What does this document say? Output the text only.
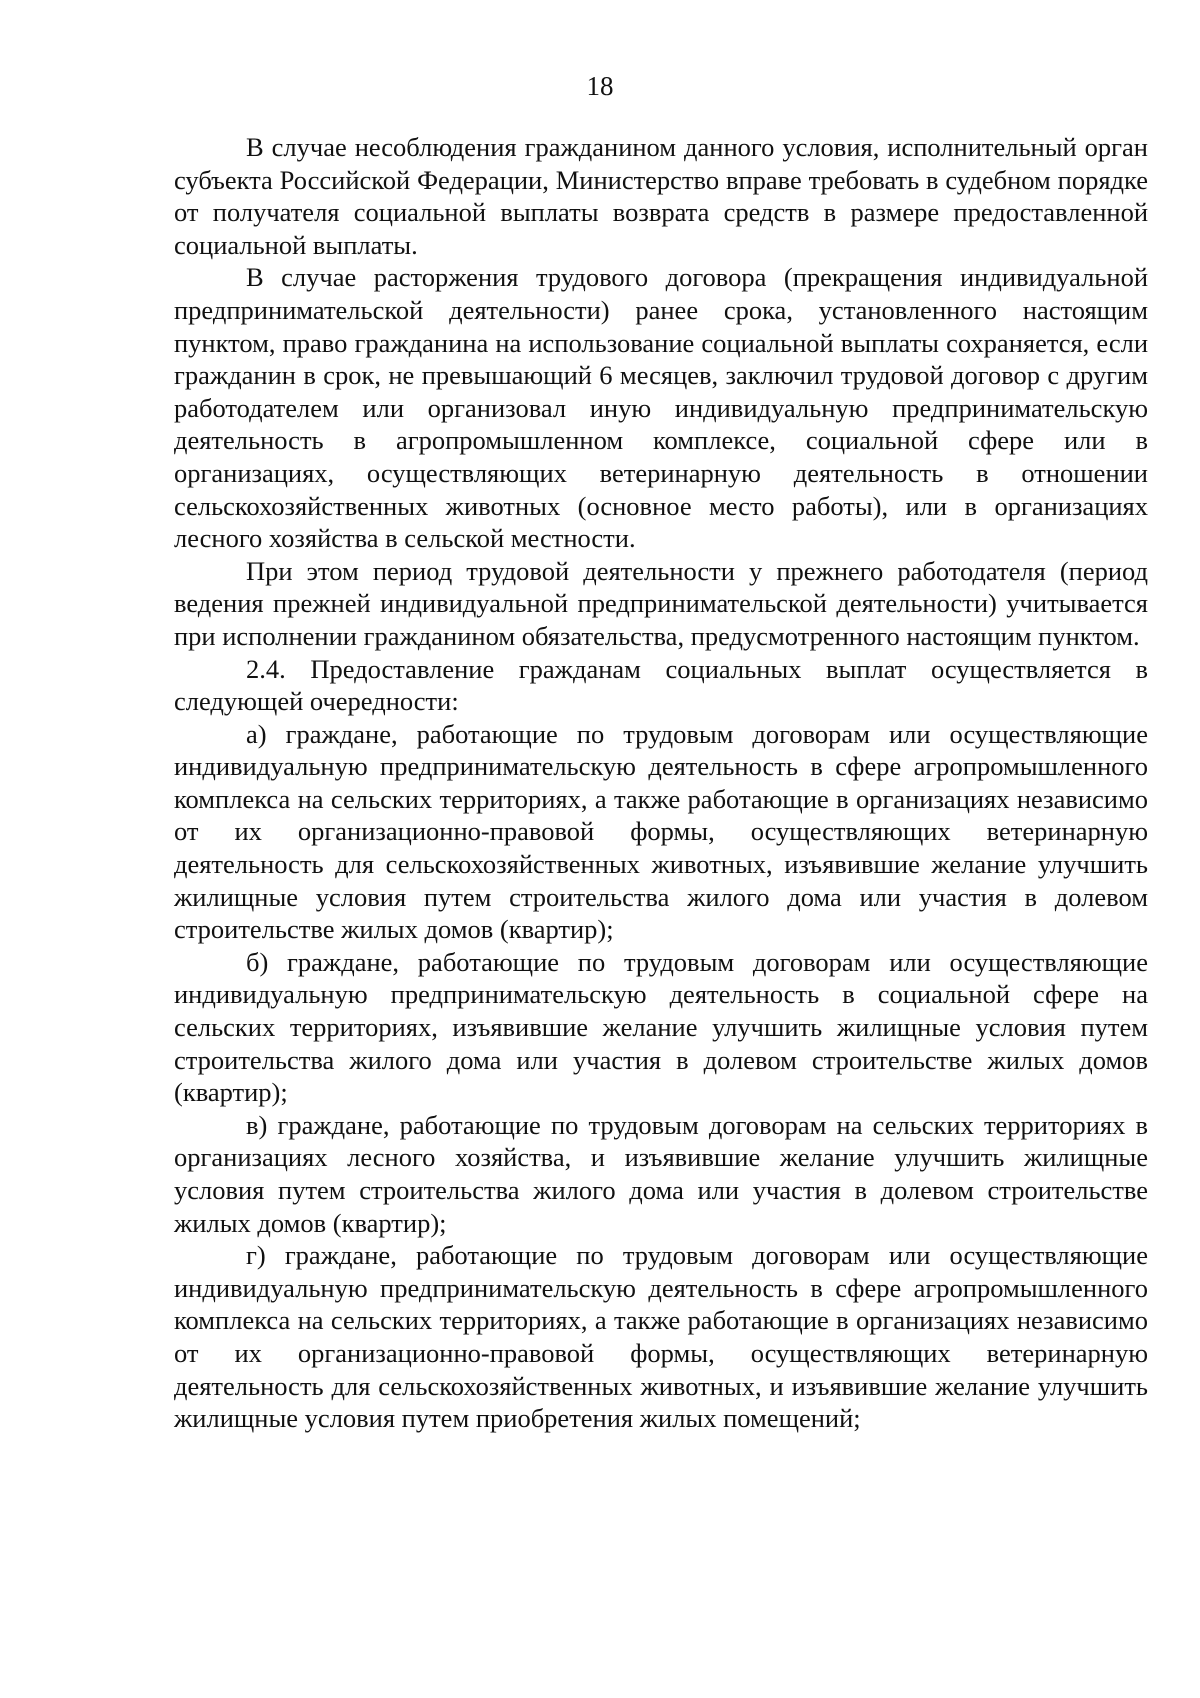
18

В случае несоблюдения гражданином данного условия, исполнительный орган субъекта Российской Федерации, Министерство вправе требовать в судебном порядке от получателя социальной выплаты возврата средств в размере предоставленной социальной выплаты.

В случае расторжения трудового договора (прекращения индивидуальной предпринимательской деятельности) ранее срока, установленного настоящим пунктом, право гражданина на использование социальной выплаты сохраняется, если гражданин в срок, не превышающий 6 месяцев, заключил трудовой договор с другим работодателем или организовал иную индивидуальную предпринимательскую деятельность в агропромышленном комплексе, социальной сфере или в организациях, осуществляющих ветеринарную деятельность в отношении сельскохозяйственных животных (основное место работы), или в организациях лесного хозяйства в сельской местности.

При этом период трудовой деятельности у прежнего работодателя (период ведения прежней индивидуальной предпринимательской деятельности) учитывается при исполнении гражданином обязательства, предусмотренного настоящим пунктом.

2.4. Предоставление гражданам социальных выплат осуществляется в следующей очередности:

а) граждане, работающие по трудовым договорам или осуществляющие индивидуальную предпринимательскую деятельность в сфере агропромышленного комплекса на сельских территориях, а также работающие в организациях независимо от их организационно-правовой формы, осуществляющих ветеринарную деятельность для сельскохозяйственных животных, изъявившие желание улучшить жилищные условия путем строительства жилого дома или участия в долевом строительстве жилых домов (квартир);

б) граждане, работающие по трудовым договорам или осуществляющие индивидуальную предпринимательскую деятельность в социальной сфере на сельских территориях, изъявившие желание улучшить жилищные условия путем строительства жилого дома или участия в долевом строительстве жилых домов (квартир);

в) граждане, работающие по трудовым договорам на сельских территориях в организациях лесного хозяйства, и изъявившие желание улучшить жилищные условия путем строительства жилого дома или участия в долевом строительстве жилых домов (квартир);

г) граждане, работающие по трудовым договорам или осуществляющие индивидуальную предпринимательскую деятельность в сфере агропромышленного комплекса на сельских территориях, а также работающие в организациях независимо от их организационно-правовой формы, осуществляющих ветеринарную деятельность для сельскохозяйственных животных, и изъявившие желание улучшить жилищные условия путем приобретения жилых помещений;
